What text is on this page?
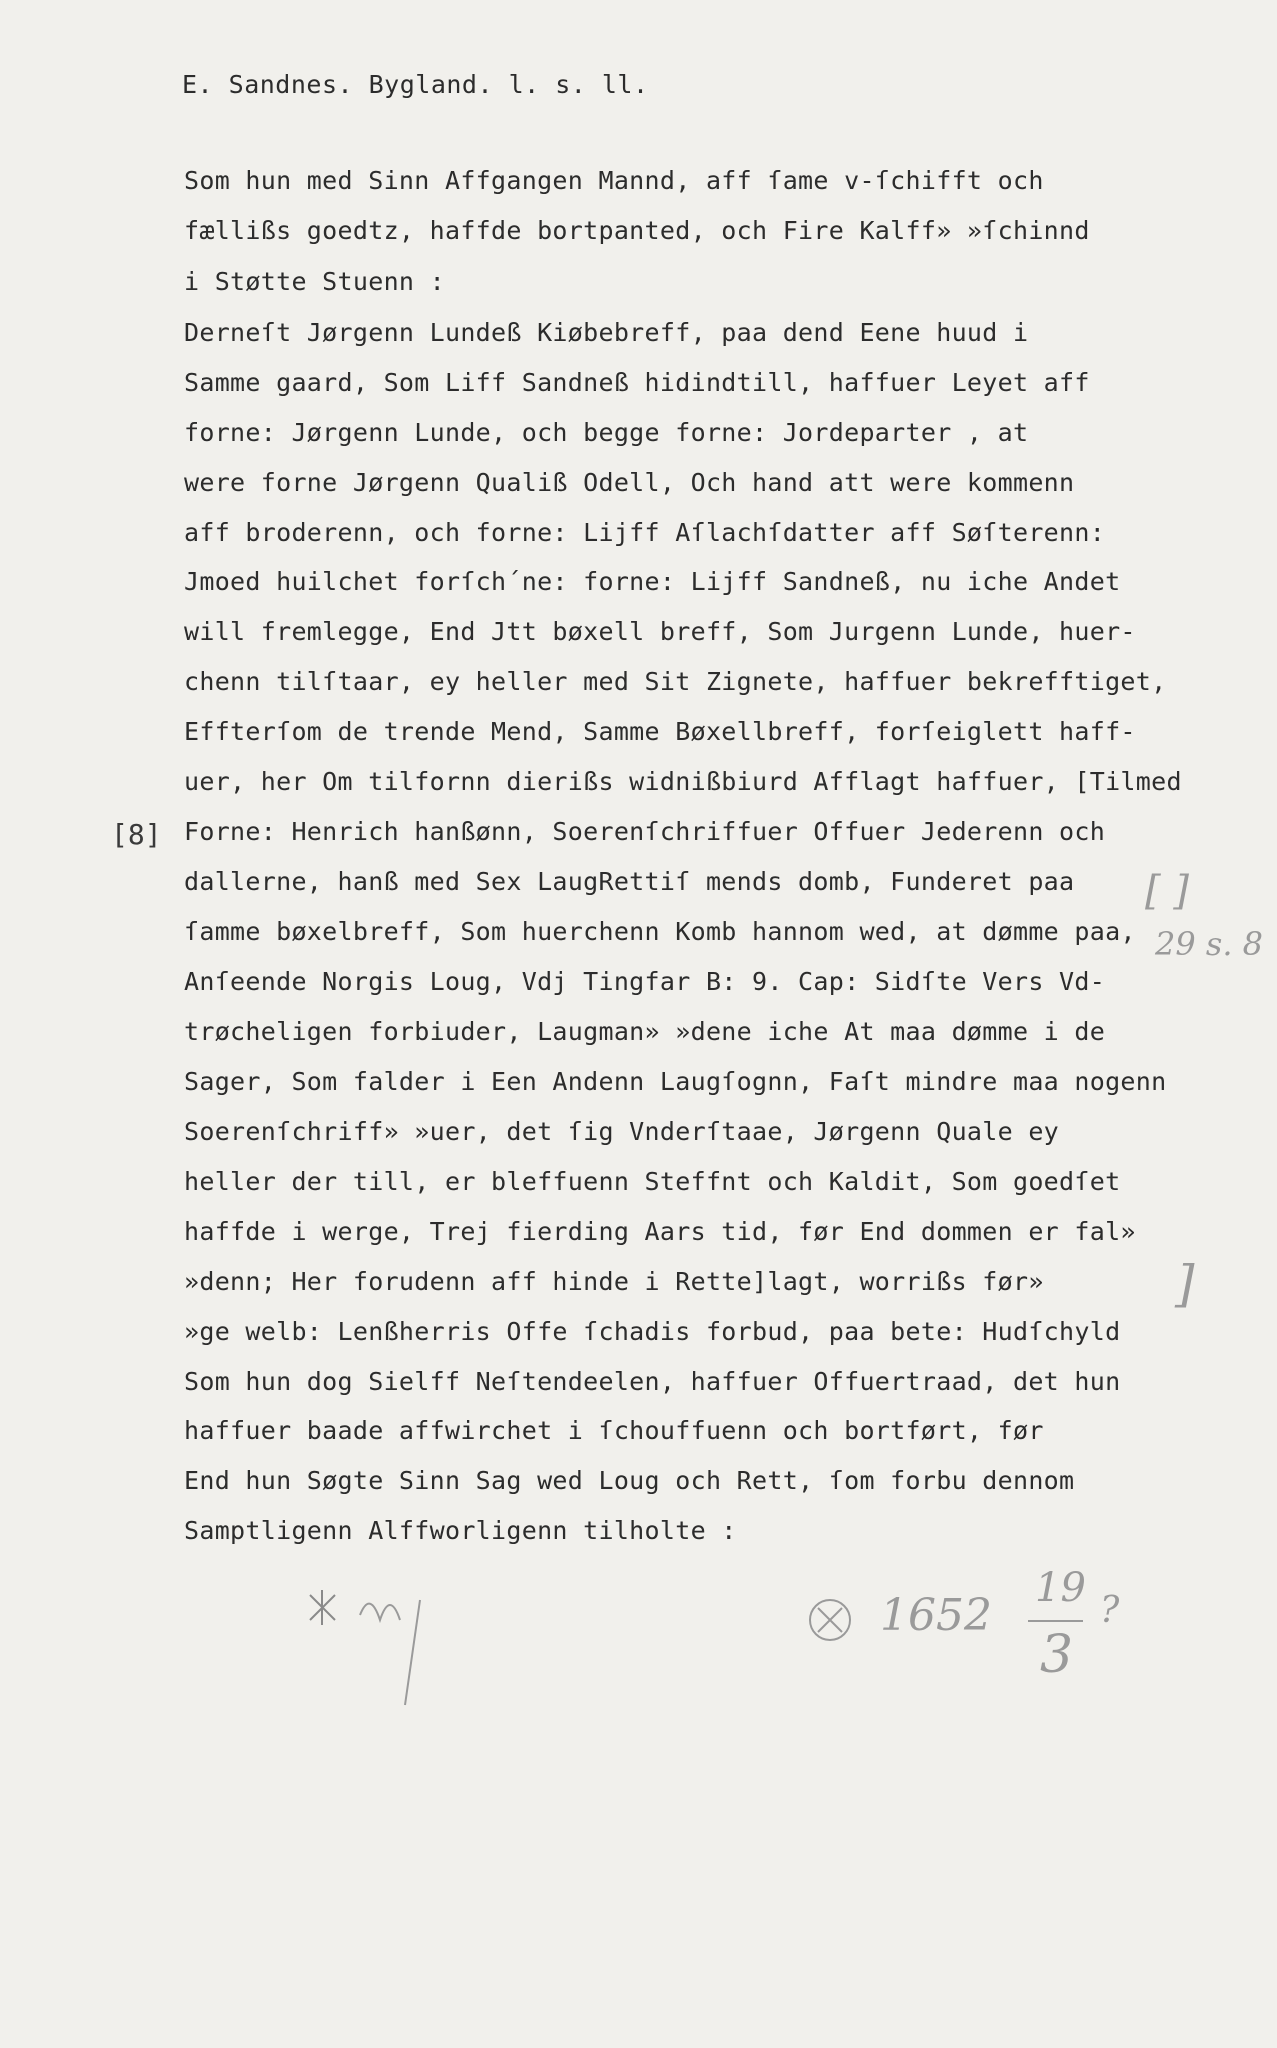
E. Sandnes. Bygland. l. s. ll.
[8]
Som hun med Sinn Affgangen Mannd, aff ſame v-ſchifft och
fællißs goedtz, haffde bortpanted, och Fire Kalff» »ſchinnd
i Støtte Stuenn :
Derneſt Jørgenn Lundeß Kiøbebreff, paa dend Eene huud i
Samme gaard, Som Liff Sandneß hidindtill, haffuer Leyet aff
forne: Jørgenn Lunde, och begge forne: Jordeparter , at
were forne Jørgenn Qualiß Odell, Och hand att were kommenn
aff broderenn, och forne: Lijff Aſlachſdatter aff Søſterenn:
Jmoed huilchet forſch´ne: forne: Lijff Sandneß, nu iche Andet
will fremlegge, End Jtt bøxell breff, Som Jurgenn Lunde, huer-
chenn tilſtaar, ey heller med Sit Zignete, haffuer bekrefftiget,
Effterſom de trende Mend, Samme Bøxellbreff, forſeiglett haff-
uer, her Om tilfornn dierißs widnißbiurd Afflagt haffuer, [Tilmed
Forne: Henrich hanßønn, Soerenſchriffuer Offuer Jederenn och
dallerne, hanß med Sex LaugRettiſ mends domb, Funderet paa
ſamme bøxelbreff, Som huerchenn Komb hannom wed, at dømme paa,
Anſeende Norgis Loug, Vdj Tingfar B: 9. Cap: Sidſte Vers Vd-
trøcheligen forbiuder, Laugman» »dene iche At maa dømme i de
Sager, Som falder i Een Andenn Laugſognn, Faſt mindre maa nogenn
Soerenſchriff» »uer, det ſig Vnderſtaae, Jørgenn Quale ey
heller der till, er bleffuenn Steffnt och Kaldit, Som goedſet
haffde i werge, Trej fierding Aars tid, før End dommen er fal»
»denn; Her forudenn aff hinde i Rette]lagt, worrißs før»
»ge welb: Lenßherris Offe ſchadis forbud, paa bete: Hudſchyld
Som hun dog Sielff Neſtendeelen, haffuer Offuertraad, det hun
haffuer baade affwirchet i ſchouffuenn och bortført, før
End hun Søgte Sinn Sag wed Loug och Rett, ſom forbu dennom
Samptligenn Alffworligenn tilholte :
[ ]
29 s. 8
]
1652
19
3
?
